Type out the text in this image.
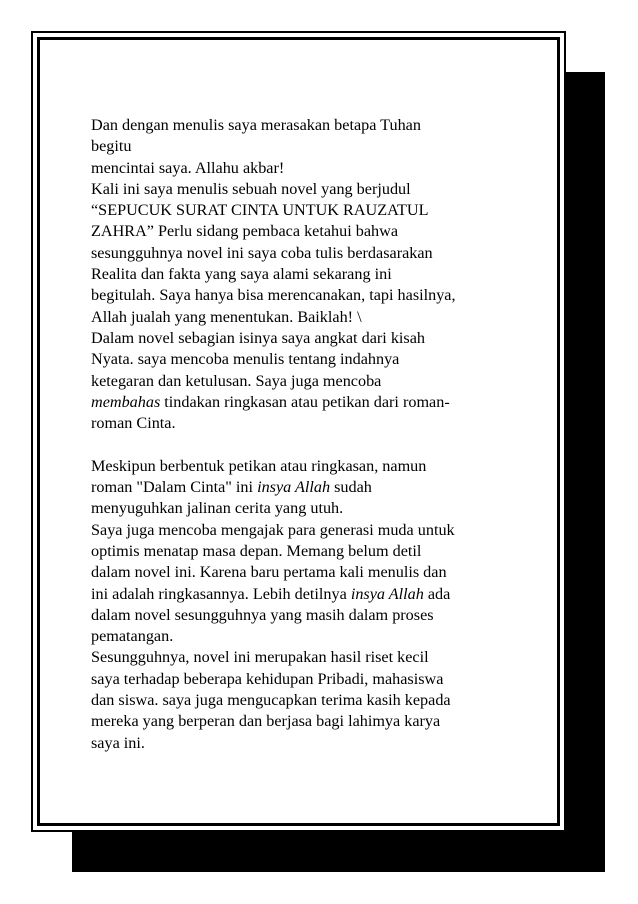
Dan dengan menulis saya merasakan betapa Tuhan
begitu
mencintai saya. Allahu akbar!
Kali ini saya menulis sebuah novel yang berjudul
“SEPUCUK SURAT CINTA UNTUK RAUZATUL
ZAHRA” Perlu sidang pembaca ketahui bahwa
sesungguhnya novel ini saya coba tulis berdasarakan
Realita dan fakta yang saya alami sekarang ini
begitulah. Saya hanya bisa merencanakan, tapi hasilnya,
Allah jualah yang menentukan. Baiklah! \
Dalam novel sebagian isinya saya angkat dari kisah
Nyata. saya mencoba menulis tentang indahnya
ketegaran dan ketulusan. Saya juga mencoba
membahas tindakan ringkasan atau petikan dari roman-
roman Cinta.
Meskipun berbentuk petikan atau ringkasan, namun
roman "Dalam Cinta" ini insya Allah sudah
menyuguhkan jalinan cerita yang utuh.
Saya juga mencoba mengajak para generasi muda untuk
optimis menatap masa depan. Memang belum detil
dalam novel ini. Karena baru pertama kali menulis dan
ini adalah ringkasannya. Lebih detilnya insya Allah ada
dalam novel sesungguhnya yang masih dalam proses
pematangan.
Sesungguhnya, novel ini merupakan hasil riset kecil
saya terhadap beberapa kehidupan Pribadi, mahasiswa
dan siswa. saya juga mengucapkan terima kasih kepada
mereka yang berperan dan berjasa bagi lahimya karya
saya ini.
